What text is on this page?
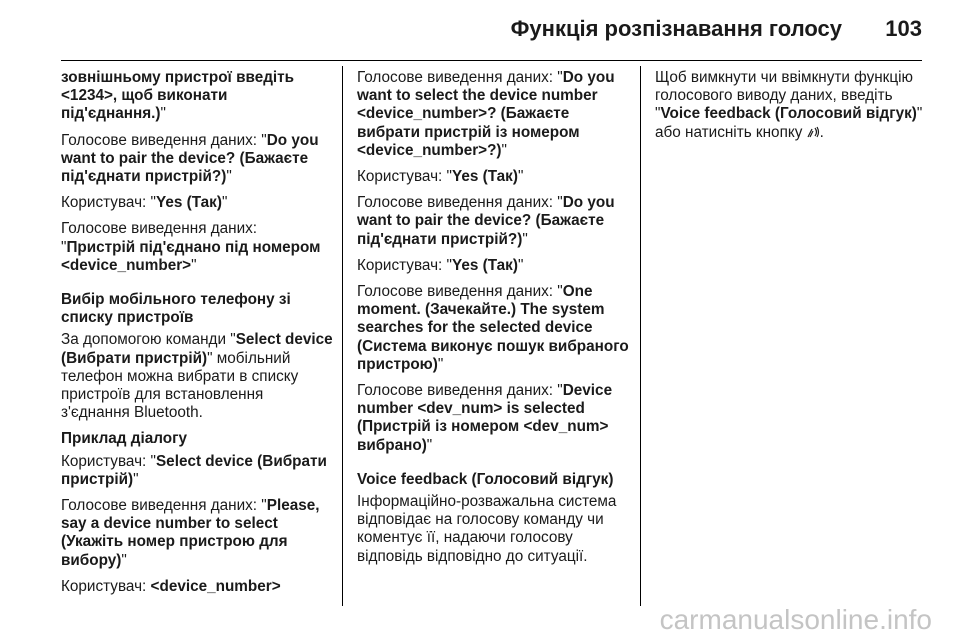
Функція розпізнавання голосу 103

зовнішньому пристрої введіть <1234>, щоб виконати під'єднання.)"

Голосове виведення даних: "Do you want to pair the device? (Бажаєте під'єднати пристрій?)"

Користувач: "Yes (Так)"

Голосове виведення даних: "Пристрій під'єднано під номером <device_number>"

Вибір мобільного телефону зі списку пристроїв

За допомогою команди "Select device (Вибрати пристрій)" мобільний телефон можна вибрати в списку пристроїв для встановлення з'єднання Bluetooth.

Приклад діалогу

Користувач: "Select device (Вибрати пристрій)"

Голосове виведення даних: "Please, say a device number to select (Укажіть номер пристрою для вибору)"

Користувач: <device_number>

Голосове виведення даних: "Do you want to select the device number <device_number>? (Бажаєте вибрати пристрій із номером <device_number>?)"

Користувач: "Yes (Так)"

Голосове виведення даних: "Do you want to pair the device? (Бажаєте під'єднати пристрій?)"

Користувач: "Yes (Так)"

Голосове виведення даних: "One moment. (Зачекайте.) The system searches for the selected device (Система виконує пошук вибраного пристрою)"

Голосове виведення даних: "Device number <dev_num> is selected (Пристрій із номером <dev_num> вибрано)"

Voice feedback (Голосовий відгук)

Інформаційно-розважальна система відповідає на голосову команду чи коментує її, надаючи голосову відповідь відповідно до ситуації.

Щоб вимкнути чи ввімкнути функцію голосового виводу даних, введіть "Voice feedback (Голосовий відгук)" або натисніть кнопку .

carmanualsonline.info
